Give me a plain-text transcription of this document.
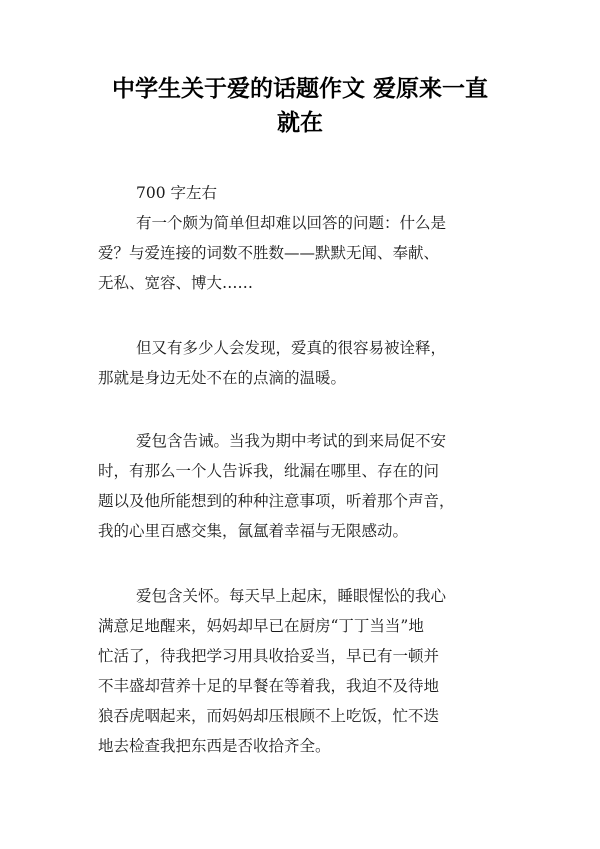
中学生关于爱的话题作文 爱原来一直
就在
700 字左右
有一个颇为简单但却难以回答的问题：什么是
爱？与爱连接的词数不胜数——默默无闻、奉献、
无私、宽容、博大……
但又有多少人会发现，爱真的很容易被诠释，
那就是身边无处不在的点滴的温暖。
爱包含告诫。当我为期中考试的到来局促不安
时，有那么一个人告诉我，纰漏在哪里、存在的问
题以及他所能想到的种种注意事项，听着那个声音，
我的心里百感交集，氤氲着幸福与无限感动。
爱包含关怀。每天早上起床，睡眼惺忪的我心
满意足地醒来，妈妈却早已在厨房“丁丁当当”地
忙活了，待我把学习用具收拾妥当，早已有一顿并
不丰盛却营养十足的早餐在等着我，我迫不及待地
狼吞虎咽起来，而妈妈却压根顾不上吃饭，忙不迭
地去检查我把东西是否收拾齐全。
